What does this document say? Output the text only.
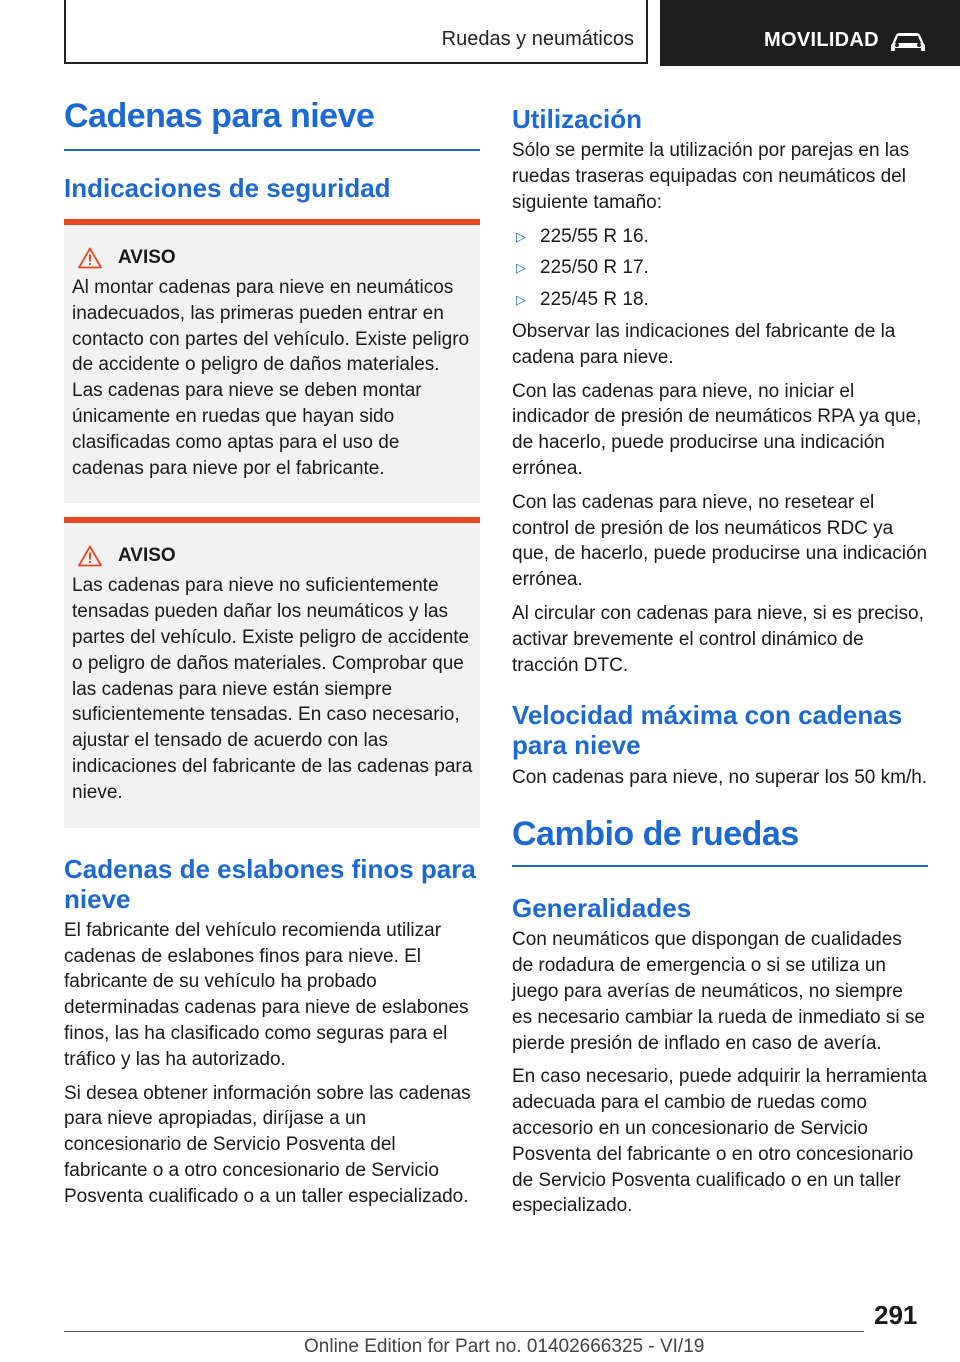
Ruedas y neumáticos	MOVILIDAD
Cadenas para nieve
Indicaciones de seguridad
AVISO

Al montar cadenas para nieve en neumáticos inadecuados, las primeras pueden entrar en contacto con partes del vehículo. Existe peligro de accidente o peligro de daños materiales. Las cadenas para nieve se deben montar únicamente en ruedas que hayan sido clasificadas como aptas para el uso de cadenas para nieve por el fabricante.

AVISO

Las cadenas para nieve no suficientemente tensadas pueden dañar los neumáticos y las partes del vehículo. Existe peligro de accidente o peligro de daños materiales. Comprobar que las cadenas para nieve están siempre suficientemente tensadas. En caso necesario, ajustar el tensado de acuerdo con las indicaciones del fabricante de las cadenas para nieve.

Cadenas de eslabones finos para nieve

El fabricante del vehículo recomienda utilizar cadenas de eslabones finos para nieve. El fabricante de su vehículo ha probado determinadas cadenas para nieve de eslabones finos, las ha clasificado como seguras para el tráfico y las ha autorizado.

Si desea obtener información sobre las cadenas para nieve apropiadas, diríjase a un concesionario de Servicio Posventa del fabricante o a otro concesionario de Servicio Posventa cualificado o a un taller especializado.

Utilización

Sólo se permite la utilización por parejas en las ruedas traseras equipadas con neumáticos del siguiente tamaño:

▷ 225/55 R 16.
▷ 225/50 R 17.
▷ 225/45 R 18.

Observar las indicaciones del fabricante de la cadena para nieve.

Con las cadenas para nieve, no iniciar el indicador de presión de neumáticos RPA ya que, de hacerlo, puede producirse una indicación errónea.

Con las cadenas para nieve, no resetear el control de presión de los neumáticos RDC ya que, de hacerlo, puede producirse una indicación errónea.

Al circular con cadenas para nieve, si es preciso, activar brevemente el control dinámico de tracción DTC.

Velocidad máxima con cadenas para nieve

Con cadenas para nieve, no superar los 50 km/h.

Cambio de ruedas
Generalidades

Con neumáticos que dispongan de cualidades de rodadura de emergencia o si se utiliza un juego para averías de neumáticos, no siempre es necesario cambiar la rueda de inmediato si se pierde presión de inflado en caso de avería.

En caso necesario, puede adquirir la herramienta adecuada para el cambio de ruedas como accesorio en un concesionario de Servicio Posventa del fabricante o en otro concesionario de Servicio Posventa cualificado o en un taller especializado.

291
Online Edition for Part no. 01402666325 - VI/19
